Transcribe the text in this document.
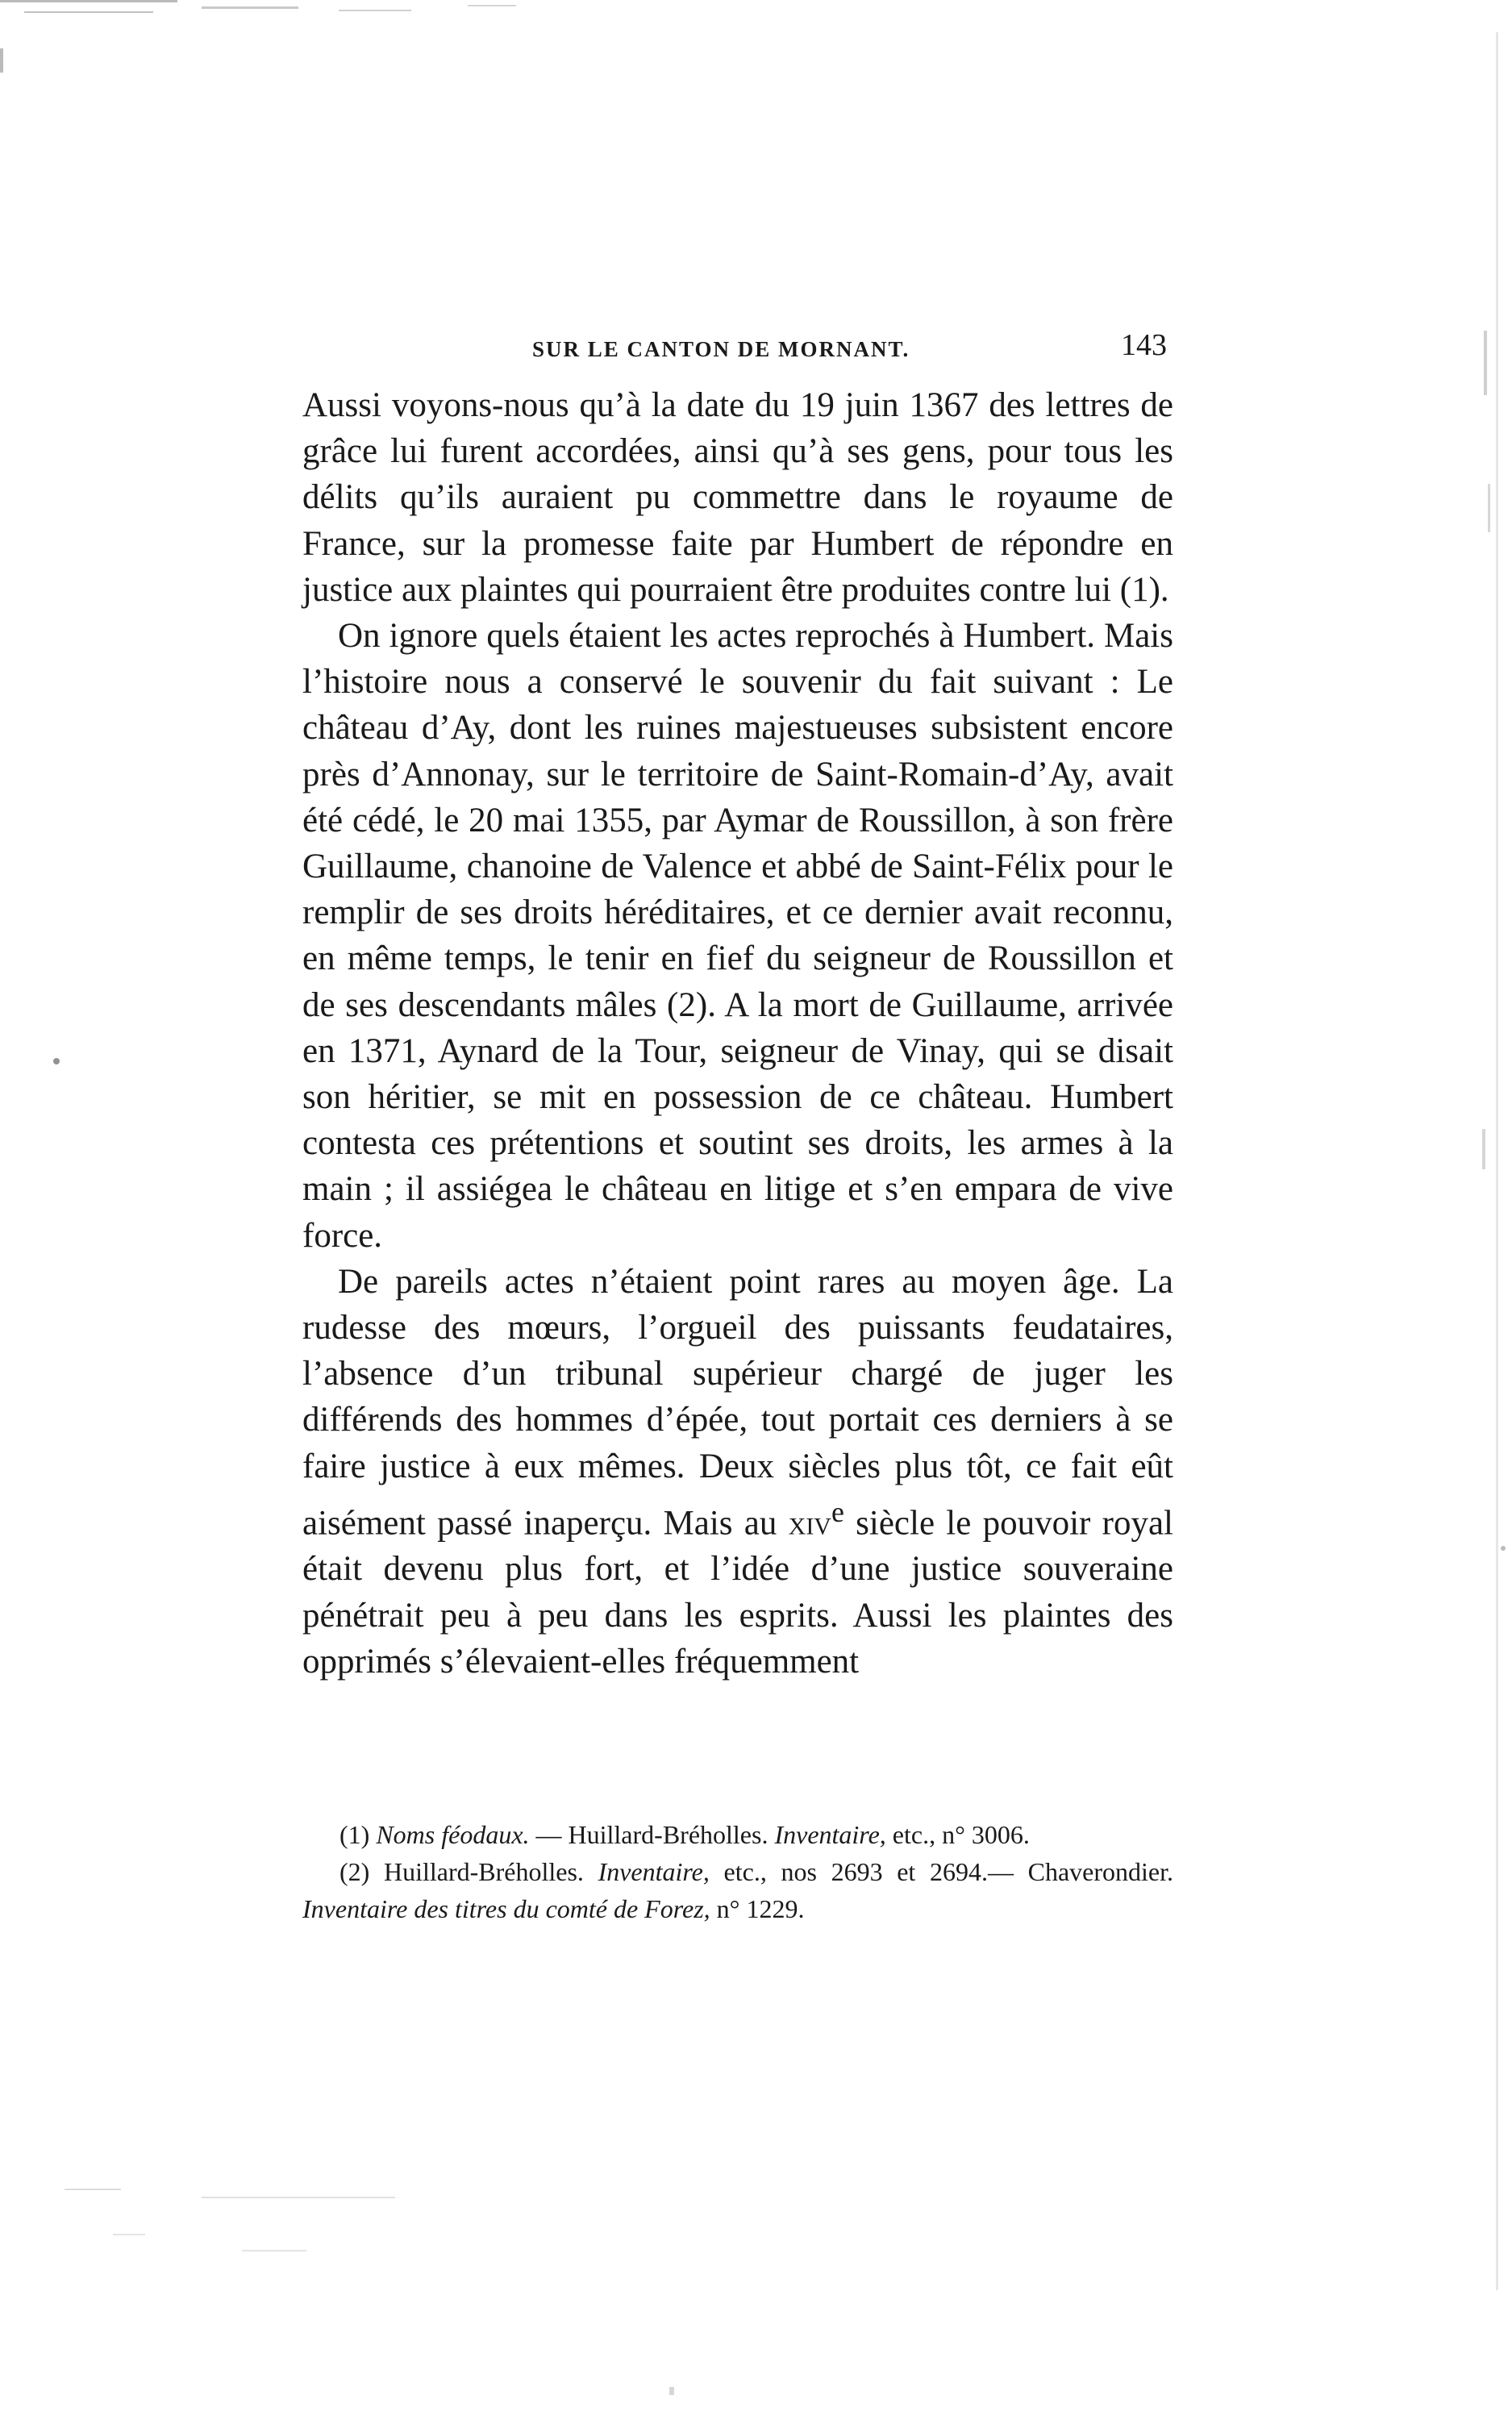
SUR LE CANTON DE MORNANT.	143

Aussi voyons-nous qu’à la date du 19 juin 1367 des lettres de grâce lui furent accordées, ainsi qu’à ses gens, pour tous les délits qu’ils auraient pu commettre dans le royaume de France, sur la promesse faite par Humbert de répondre en justice aux plaintes qui pourraient être produites contre lui (1).

On ignore quels étaient les actes reprochés à Humbert. Mais l’histoire nous a conservé le souvenir du fait suivant : Le château d’Ay, dont les ruines majestueuses subsistent encore près d’Annonay, sur le territoire de Saint-Romain-d’Ay, avait été cédé, le 20 mai 1355, par Aymar de Roussillon, à son frère Guillaume, chanoine de Valence et abbé de Saint-Félix pour le remplir de ses droits héréditaires, et ce dernier avait reconnu, en même temps, le tenir en fief du seigneur de Roussillon et de ses descendants mâles (2). A la mort de Guillaume, arrivée en 1371, Aynard de la Tour, seigneur de Vinay, qui se disait son héritier, se mit en possession de ce château. Humbert contesta ces prétentions et soutint ses droits, les armes à la main ; il assiégea le château en litige et s’en empara de vive force.

De pareils actes n’étaient point rares au moyen âge. La rudesse des mœurs, l’orgueil des puissants feudataires, l’absence d’un tribunal supérieur chargé de juger les différends des hommes d’épée, tout portait ces derniers à se faire justice à eux mêmes. Deux siècles plus tôt, ce fait eût aisément passé inaperçu. Mais au xiv$^e$ siècle le pouvoir royal était devenu plus fort, et l’idée d’une justice souveraine pénétrait peu à peu dans les esprits. Aussi les plaintes des opprimés s’élevaient-elles fréquemment

(1) Noms féodaux. — Huillard-Bréholles. Inventaire, etc., n° 3006.

(2) Huillard-Bréholles. Inventaire, etc., nos 2693 et 2694.— Chaverondier. Inventaire des titres du comté de Forez, n° 1229.
